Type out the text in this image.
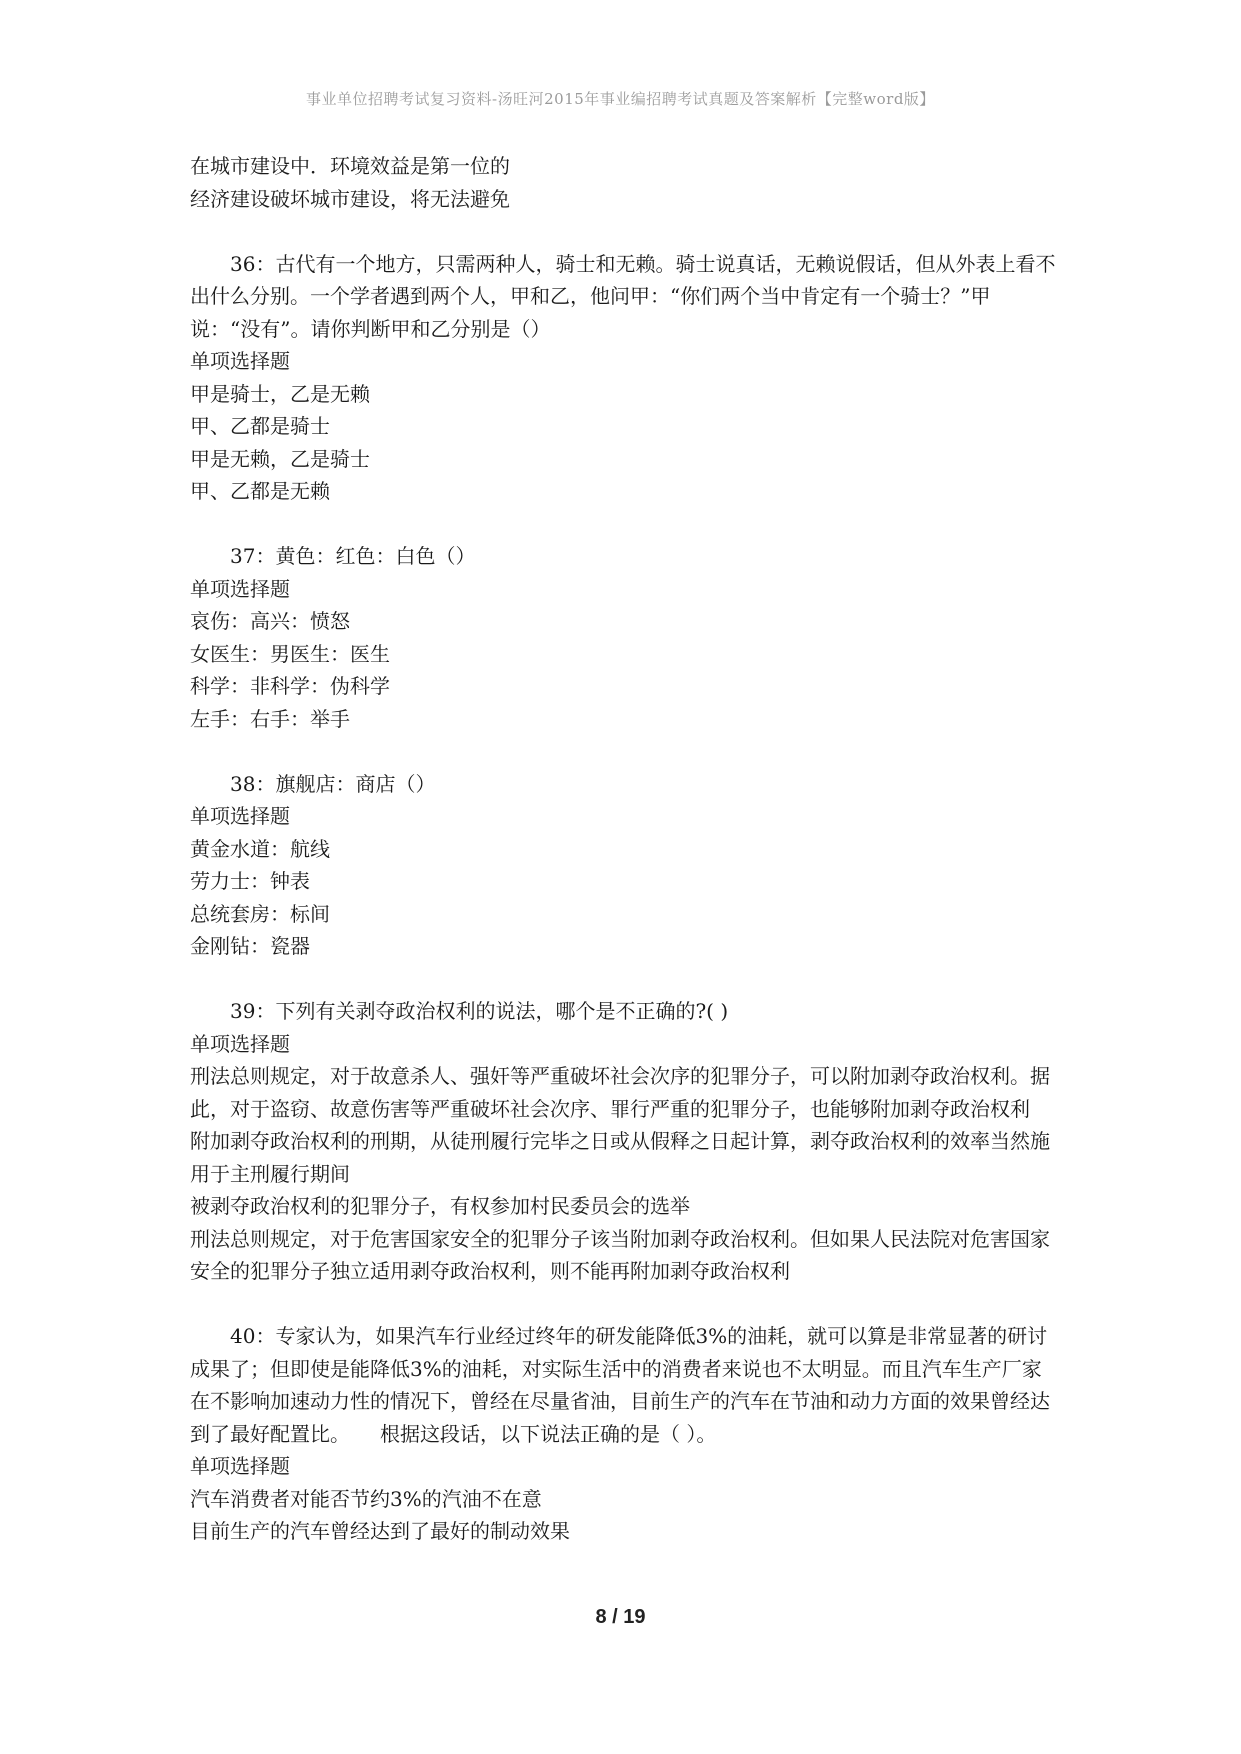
事业单位招聘考试复习资料-汤旺河2015年事业编招聘考试真题及答案解析【完整word版】
在城市建设中．环境效益是第一位的
经济建设破坏城市建设，将无法避免
36：古代有一个地方，只需两种人，骑士和无赖。骑士说真话，无赖说假话，但从外表上看不出什么分别。一个学者遇到两个人，甲和乙，他问甲：“你们两个当中肯定有一个骑士？”甲说：“没有”。请你判断甲和乙分别是（）
单项选择题
甲是骑士，乙是无赖
甲、乙都是骑士
甲是无赖，乙是骑士
甲、乙都是无赖
37：黄色：红色：白色（）
单项选择题
哀伤：高兴：愤怒
女医生：男医生：医生
科学：非科学：伪科学
左手：右手：举手
38：旗舰店：商店（）
单项选择题
黄金水道：航线
劳力士：钟表
总统套房：标间
金刚钻：瓷器
39：下列有关剥夺政治权利的说法，哪个是不正确的?( )
单项选择题
刑法总则规定，对于故意杀人、强奸等严重破坏社会次序的犯罪分子，可以附加剥夺政治权利。据此，对于盗窃、故意伤害等严重破坏社会次序、罪行严重的犯罪分子，也能够附加剥夺政治权利
附加剥夺政治权利的刑期，从徒刑履行完毕之日或从假释之日起计算，剥夺政治权利的效率当然施用于主刑履行期间
被剥夺政治权利的犯罪分子，有权参加村民委员会的选举
刑法总则规定，对于危害国家安全的犯罪分子该当附加剥夺政治权利。但如果人民法院对危害国家安全的犯罪分子独立适用剥夺政治权利，则不能再附加剥夺政治权利
40：专家认为，如果汽车行业经过终年的研发能降低3%的油耗，就可以算是非常显著的研讨成果了；但即使是能降低3%的油耗，对实际生活中的消费者来说也不太明显。而且汽车生产厂家在不影响加速动力性的情况下，曾经在尽量省油，目前生产的汽车在节油和动力方面的效果曾经达到了最好配置比。　　根据这段话，以下说法正确的是（ ）。
单项选择题
汽车消费者对能否节约3%的汽油不在意
目前生产的汽车曾经达到了最好的制动效果
8 / 19
